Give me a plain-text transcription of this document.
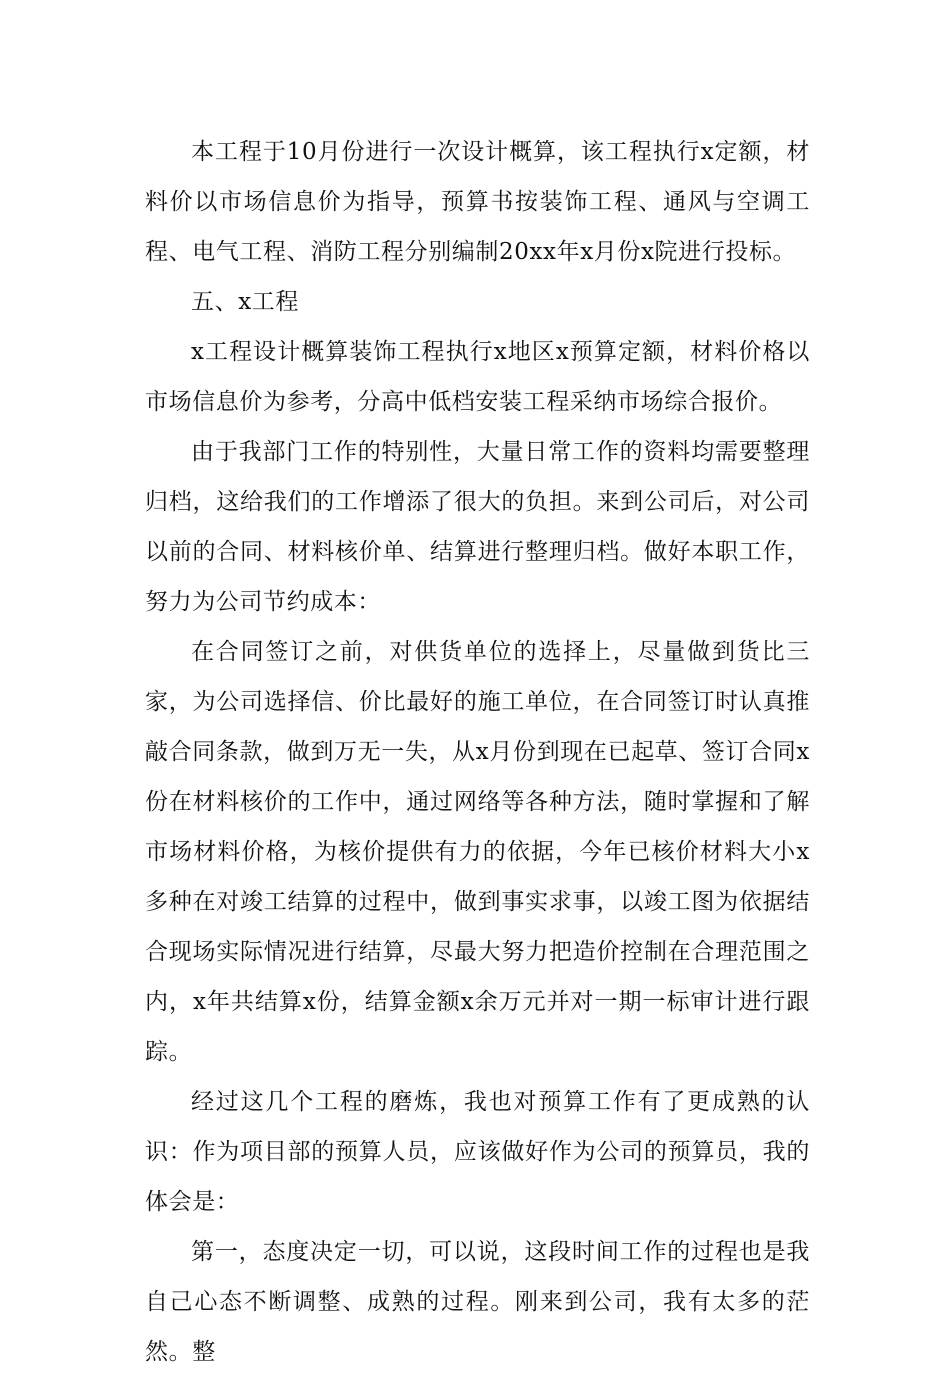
本工程于10月份进行一次设计概算，该工程执行x定额，材料价以市场信息价为指导，预算书按装饰工程、通风与空调工程、电气工程、消防工程分别编制20xx年x月份x院进行投标。

五、x工程

x工程设计概算装饰工程执行x地区x预算定额，材料价格以市场信息价为参考，分高中低档安装工程采纳市场综合报价。

由于我部门工作的特别性，大量日常工作的资料均需要整理归档，这给我们的工作增添了很大的负担。来到公司后，对公司以前的合同、材料核价单、结算进行整理归档。做好本职工作，努力为公司节约成本：

在合同签订之前，对供货单位的选择上，尽量做到货比三家，为公司选择信、价比最好的施工单位，在合同签订时认真推敲合同条款，做到万无一失，从x月份到现在已起草、签订合同x份在材料核价的工作中，通过网络等各种方法，随时掌握和了解市场材料价格，为核价提供有力的依据，今年已核价材料大小x多种在对竣工结算的过程中，做到事实求事，以竣工图为依据结合现场实际情况进行结算，尽最大努力把造价控制在合理范围之内，x年共结算x份，结算金额x余万元并对一期一标审计进行跟踪。

经过这几个工程的磨炼，我也对预算工作有了更成熟的认识：作为项目部的预算人员，应该做好作为公司的预算员，我的体会是：

第一，态度决定一切，可以说，这段时间工作的过程也是我自己心态不断调整、成熟的过程。刚来到公司，我有太多的茫然。整
